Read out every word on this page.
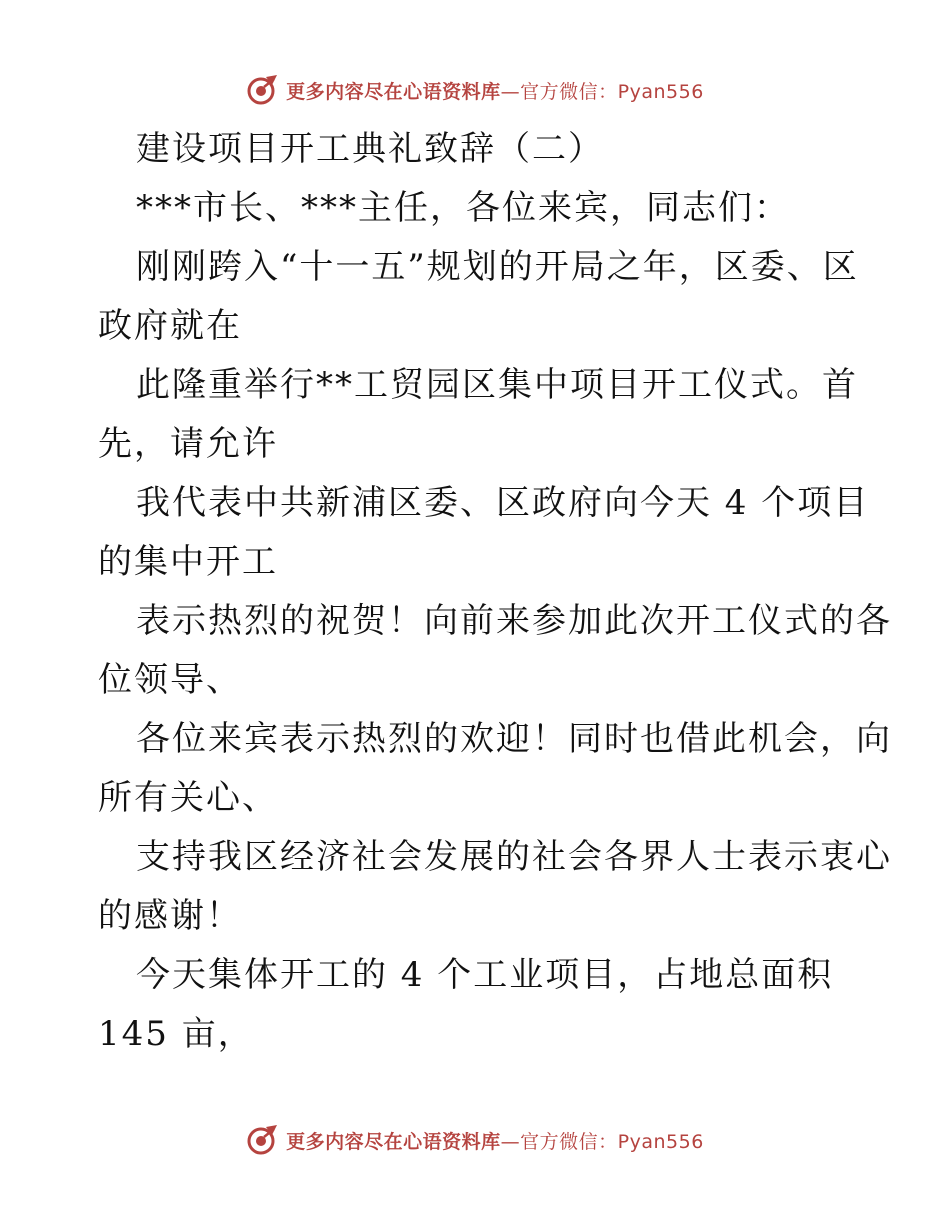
更多内容尽在心语资料库—官方微信：Pyan556
建设项目开工典礼致辞（二）
***市长、***主任，各位来宾，同志们：
刚刚跨入“十一五”规划的开局之年，区委、区
政府就在
此隆重举行**工贸园区集中项目开工仪式。首
先，请允许
我代表中共新浦区委、区政府向今天 4 个项目
的集中开工
表示热烈的祝贺！向前来参加此次开工仪式的各
位领导、
各位来宾表示热烈的欢迎！同时也借此机会，向
所有关心、
支持我区经济社会发展的社会各界人士表示衷心
的感谢！
今天集体开工的 4 个工业项目，占地总面积
145 亩，
更多内容尽在心语资料库—官方微信：Pyan556
